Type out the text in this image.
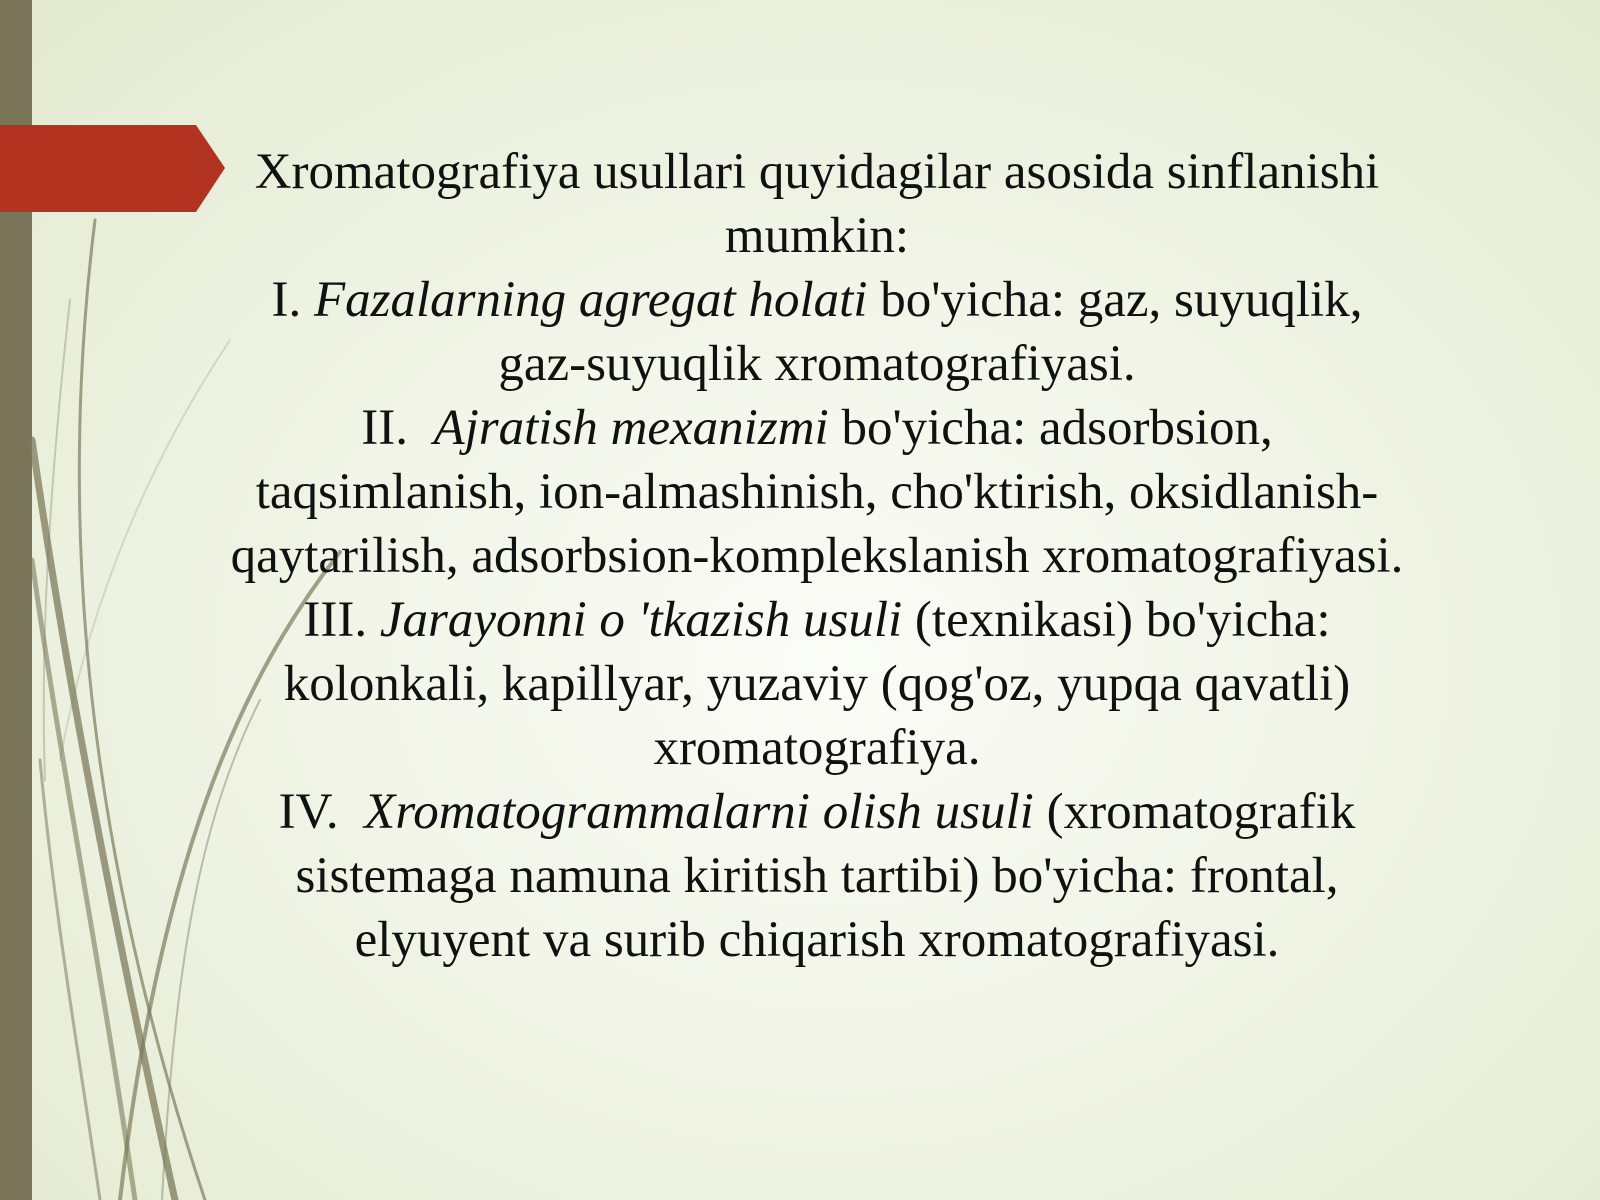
Xromatografiya usullari quyidagilar asosida sinflanishi mumkin:

I. Fazalarning agregat holati bo'yicha: gaz, suyuqlik, gaz-suyuqlik xromatografiyasi.

II. Ajratish mexanizmi bo'yicha: adsorbsion, taqsimlanish, ion-almashinish, cho'ktirish, oksidlanish-qaytarilish, adsorbsion-komplekslanish xromatografiyasi.

III. Jarayonni o 'tkazish usuli (texnikasi) bo'yicha: kolonkali, kapillyar, yuzaviy (qog'oz, yupqa qavatli) xromatografiya.

IV. Xromatogrammalarni olish usuli (xromatografik sistemaga namuna kiritish tartibi) bo'yicha: frontal, elyuyent va surib chiqarish xromatografiyasi.
